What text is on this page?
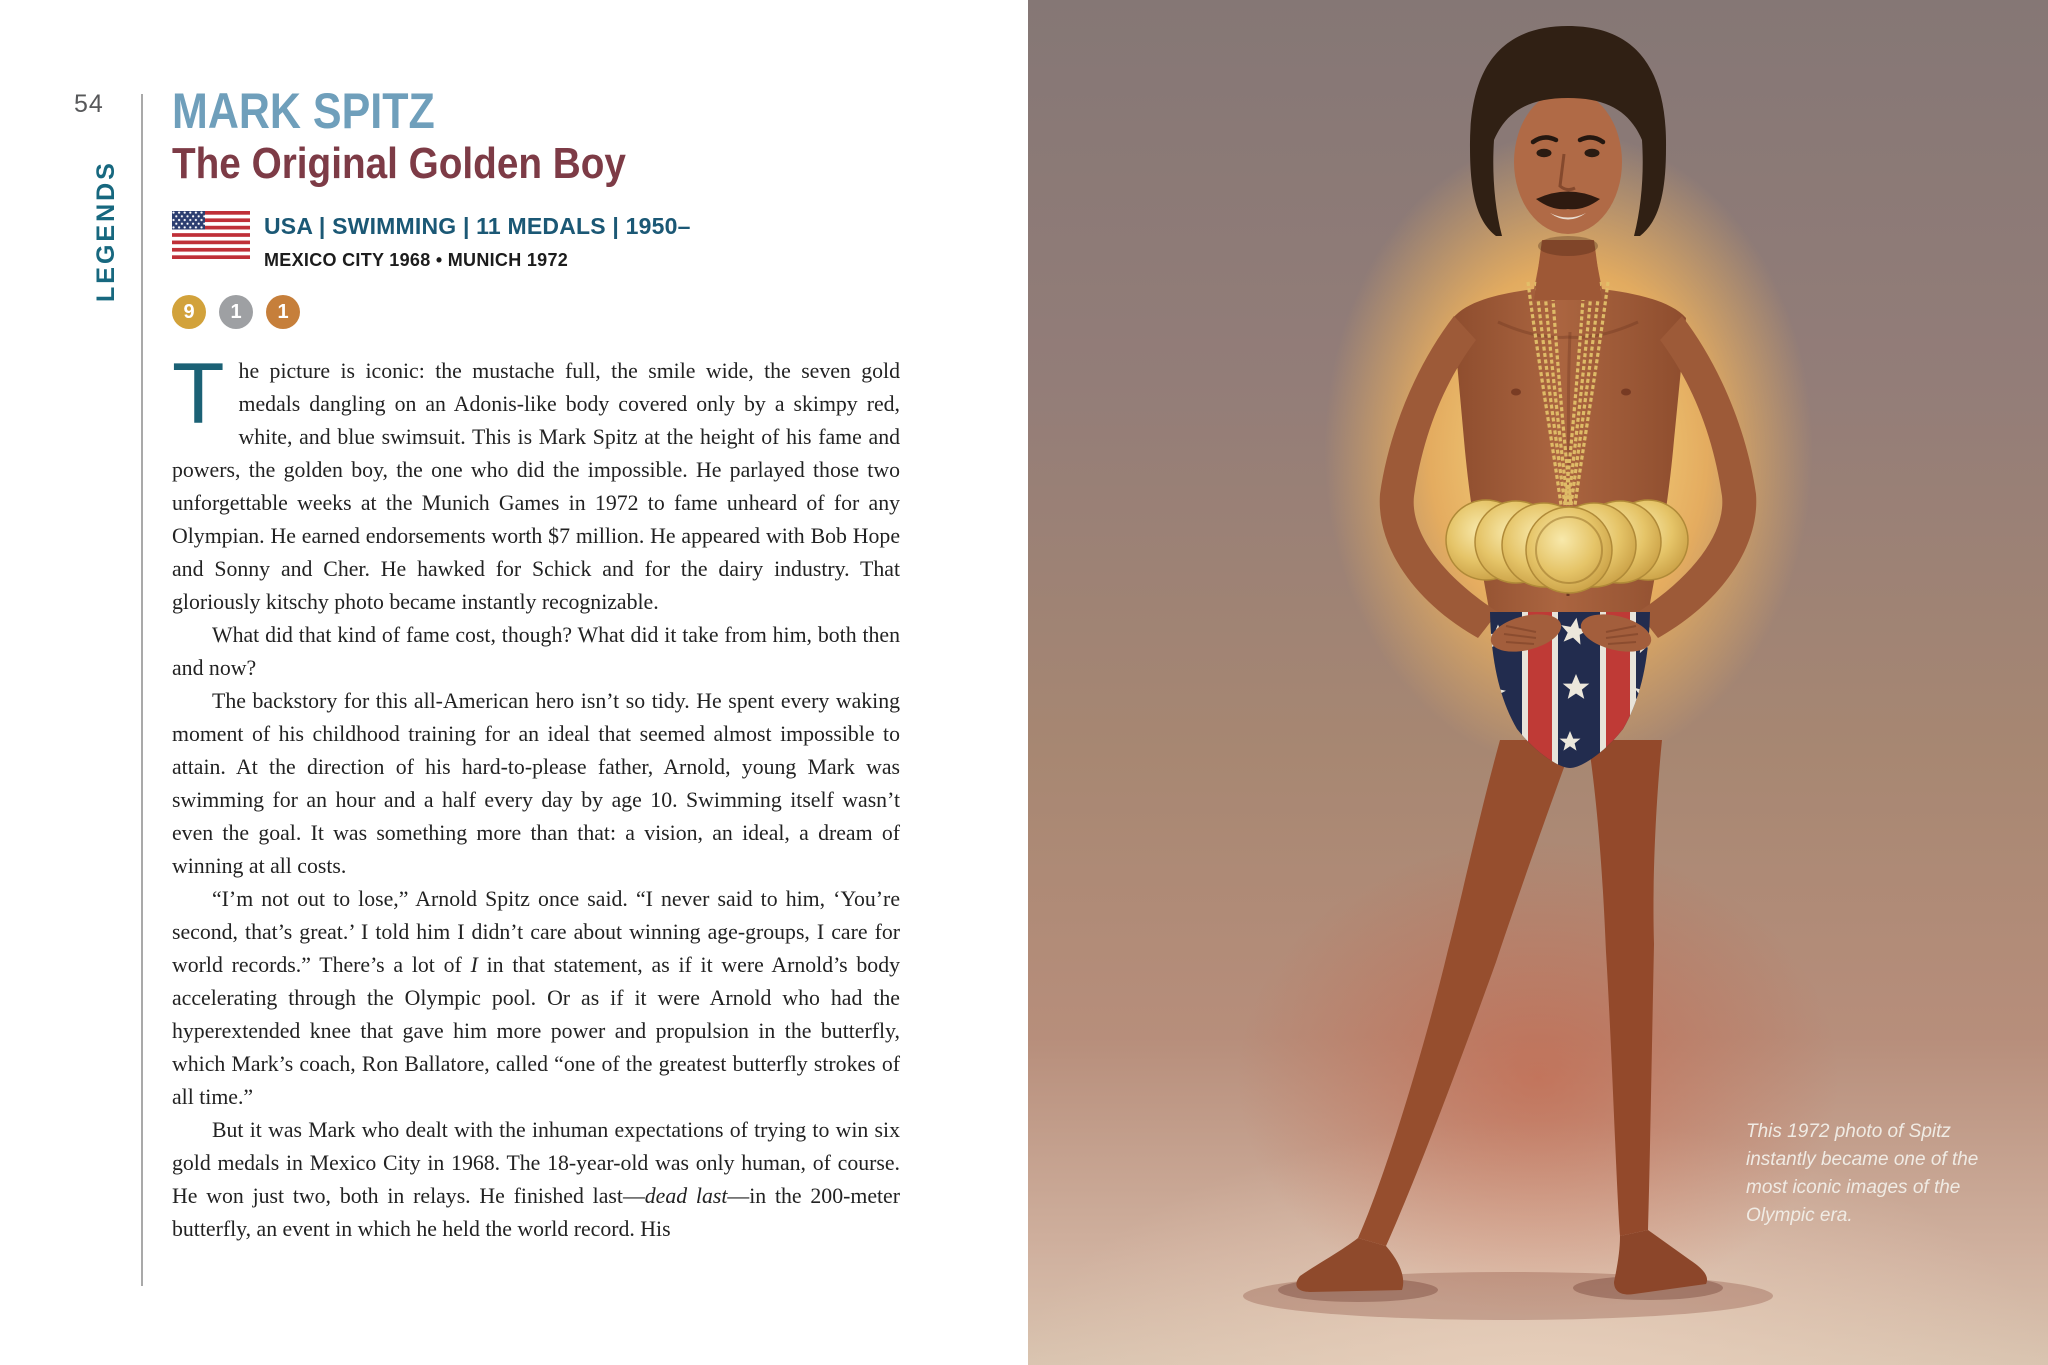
54
LEGENDS
MARK SPITZ
The Original Golden Boy
USA | SWIMMING | 11 MEDALS | 1950–
MEXICO CITY 1968 • MUNICH 1972
9	1	1

The picture is iconic: the mustache full, the smile wide, the seven gold medals dangling on an Adonis-like body covered only by a skimpy red, white, and blue swimsuit. This is Mark Spitz at the height of his fame and powers, the golden boy, the one who did the impossible. He parlayed those two unforgettable weeks at the Munich Games in 1972 to fame unheard of for any Olympian. He earned endorsements worth $7 million. He appeared with Bob Hope and Sonny and Cher. He hawked for Schick and for the dairy industry. That gloriously kitschy photo became instantly recognizable.

What did that kind of fame cost, though? What did it take from him, both then and now?

The backstory for this all-American hero isn’t so tidy. He spent every waking moment of his childhood training for an ideal that seemed almost impossible to attain. At the direction of his hard-to-please father, Arnold, young Mark was swimming for an hour and a half every day by age 10. Swimming itself wasn’t even the goal. It was something more than that: a vision, an ideal, a dream of winning at all costs.

“I’m not out to lose,” Arnold Spitz once said. “I never said to him, ‘You’re second, that’s great.’ I told him I didn’t care about winning age-groups, I care for world records.” There’s a lot of I in that statement, as if it were Arnold’s body accelerating through the Olympic pool. Or as if it were Arnold who had the hyperextended knee that gave him more power and propulsion in the butterfly, which Mark’s coach, Ron Ballatore, called “one of the greatest butterfly strokes of all time.”

But it was Mark who dealt with the inhuman expectations of trying to win six gold medals in Mexico City in 1968. The 18-year-old was only human, of course. He won just two, both in relays. He finished last—dead last—in the 200-meter butterfly, an event in which he held the world record. His

This 1972 photo of Spitz instantly became one of the most iconic images of the Olympic era.
